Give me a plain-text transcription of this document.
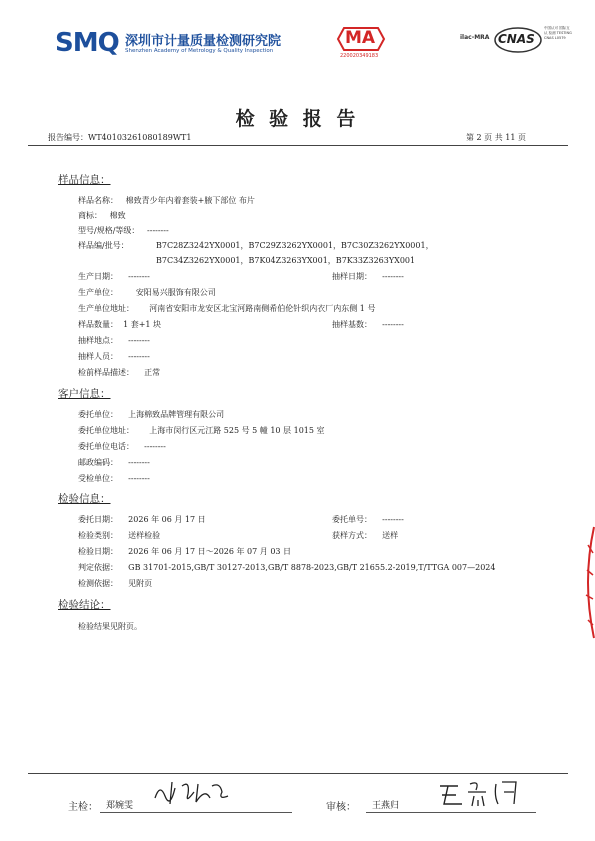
SMQ 深圳市计量质量检测研究院
Shenzhen Academy of Metrology & Quality Inspection
MA
220020349183
ilac-MRA CNAS
中国认可 国际互认 检测 TESTING CNAS L0579
检 验 报 告
报告编号：WT40103261080189WT1	第 2 页 共 11 页
样品信息：
样品名称： 棉致青少年内着套装+腋下部位 布片
商标： 棉致
型号/规格/等级： --------
样品编/批号：	B7C28Z3242YX0001，B7C29Z3262YX0001，B7C30Z3262YX0001，
B7C34Z3262YX0001，B7K04Z3263YX001，B7K33Z3263YX001
生产日期： --------	抽样日期： --------
生产单位： 安阳易兴服饰有限公司
生产单位地址： 河南省安阳市龙安区北宝河路南侧希伯伦针织内衣厂内东侧 1 号
样品数量： 1 套+1 块	抽样基数： --------
抽样地点： --------
抽样人员： --------
检前样品描述： 正常
客户信息：
委托单位： 上海棉致品牌管理有限公司
委托单位地址： 上海市闵行区元江路 525 号 5 幢 10 层 1015 室
委托单位电话： --------
邮政编码： --------
受检单位： --------
检验信息：
委托日期： 2026 年 06 月 17 日	委托单号： --------
检验类别： 送样检验	获样方式： 送样
检验日期： 2026 年 06 月 17 日～2026 年 07 月 03 日
判定依据： GB 31701-2015,GB/T 30127-2013,GB/T 8878-2023,GB/T 21655.2-2019,T/TTGA 007—2024
检测依据： 见附页
检验结论：
检验结果见附页。
主检： 郑婉雯	审核： 王燕归
